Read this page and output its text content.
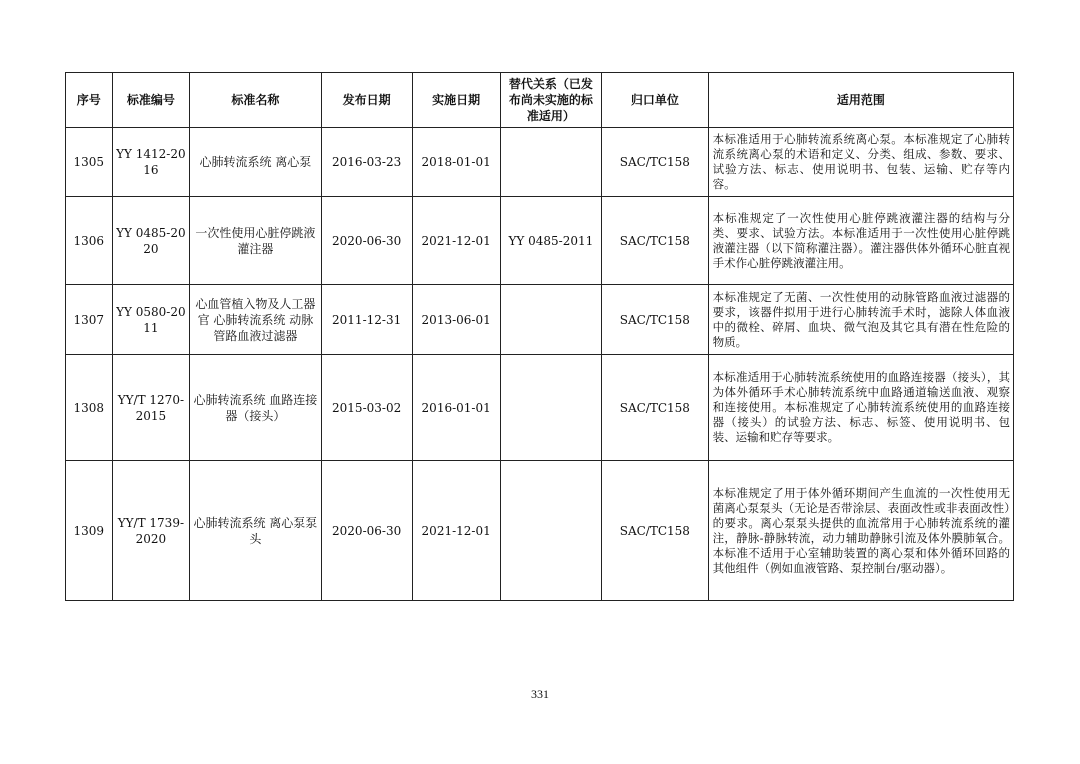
序号	标准编号	标准名称	发布日期	实施日期	替代关系（已发布尚未实施的标准适用）	归口单位	适用范围
1305	YY 1412-2016	心肺转流系统 离心泵	2016-03-23	2018-01-01		SAC/TC158	本标准适用于心肺转流系统离心泵。本标准规定了心肺转流系统离心泵的术语和定义、分类、组成、参数、要求、试验方法、标志、使用说明书、包装、运输、贮存等内容。
1306	YY 0485-2020	一次性使用心脏停跳液灌注器	2020-06-30	2021-12-01	YY 0485-2011	SAC/TC158	本标准规定了一次性使用心脏停跳液灌注器的结构与分类、要求、试验方法。本标准适用于一次性使用心脏停跳液灌注器（以下简称灌注器）。灌注器供体外循环心脏直视手术作心脏停跳液灌注用。
1307	YY 0580-2011	心血管植入物及人工器官 心肺转流系统 动脉管路血液过滤器	2011-12-31	2013-06-01		SAC/TC158	本标准规定了无菌、一次性使用的动脉管路血液过滤器的要求，该器件拟用于进行心肺转流手术时，滤除人体血液中的微栓、碎屑、血块、微气泡及其它具有潜在性危险的物质。
1308	YY/T 1270-2015	心肺转流系统 血路连接器（接头）	2015-03-02	2016-01-01		SAC/TC158	本标准适用于心肺转流系统使用的血路连接器（接头），其为体外循环手术心肺转流系统中血路通道输送血液、观察和连接使用。本标准规定了心肺转流系统使用的血路连接器（接头）的试验方法、标志、标签、使用说明书、包装、运输和贮存等要求。
1309	YY/T 1739-2020	心肺转流系统 离心泵泵头	2020-06-30	2021-12-01		SAC/TC158	本标准规定了用于体外循环期间产生血流的一次性使用无菌离心泵泵头（无论是否带涂层、表面改性或非表面改性）的要求。离心泵泵头提供的血流常用于心肺转流系统的灌注，静脉-静脉转流，动力辅助静脉引流及体外膜肺氧合。本标准不适用于心室辅助装置的离心泵和体外循环回路的其他组件（例如血液管路、泵控制台/驱动器）。
331
